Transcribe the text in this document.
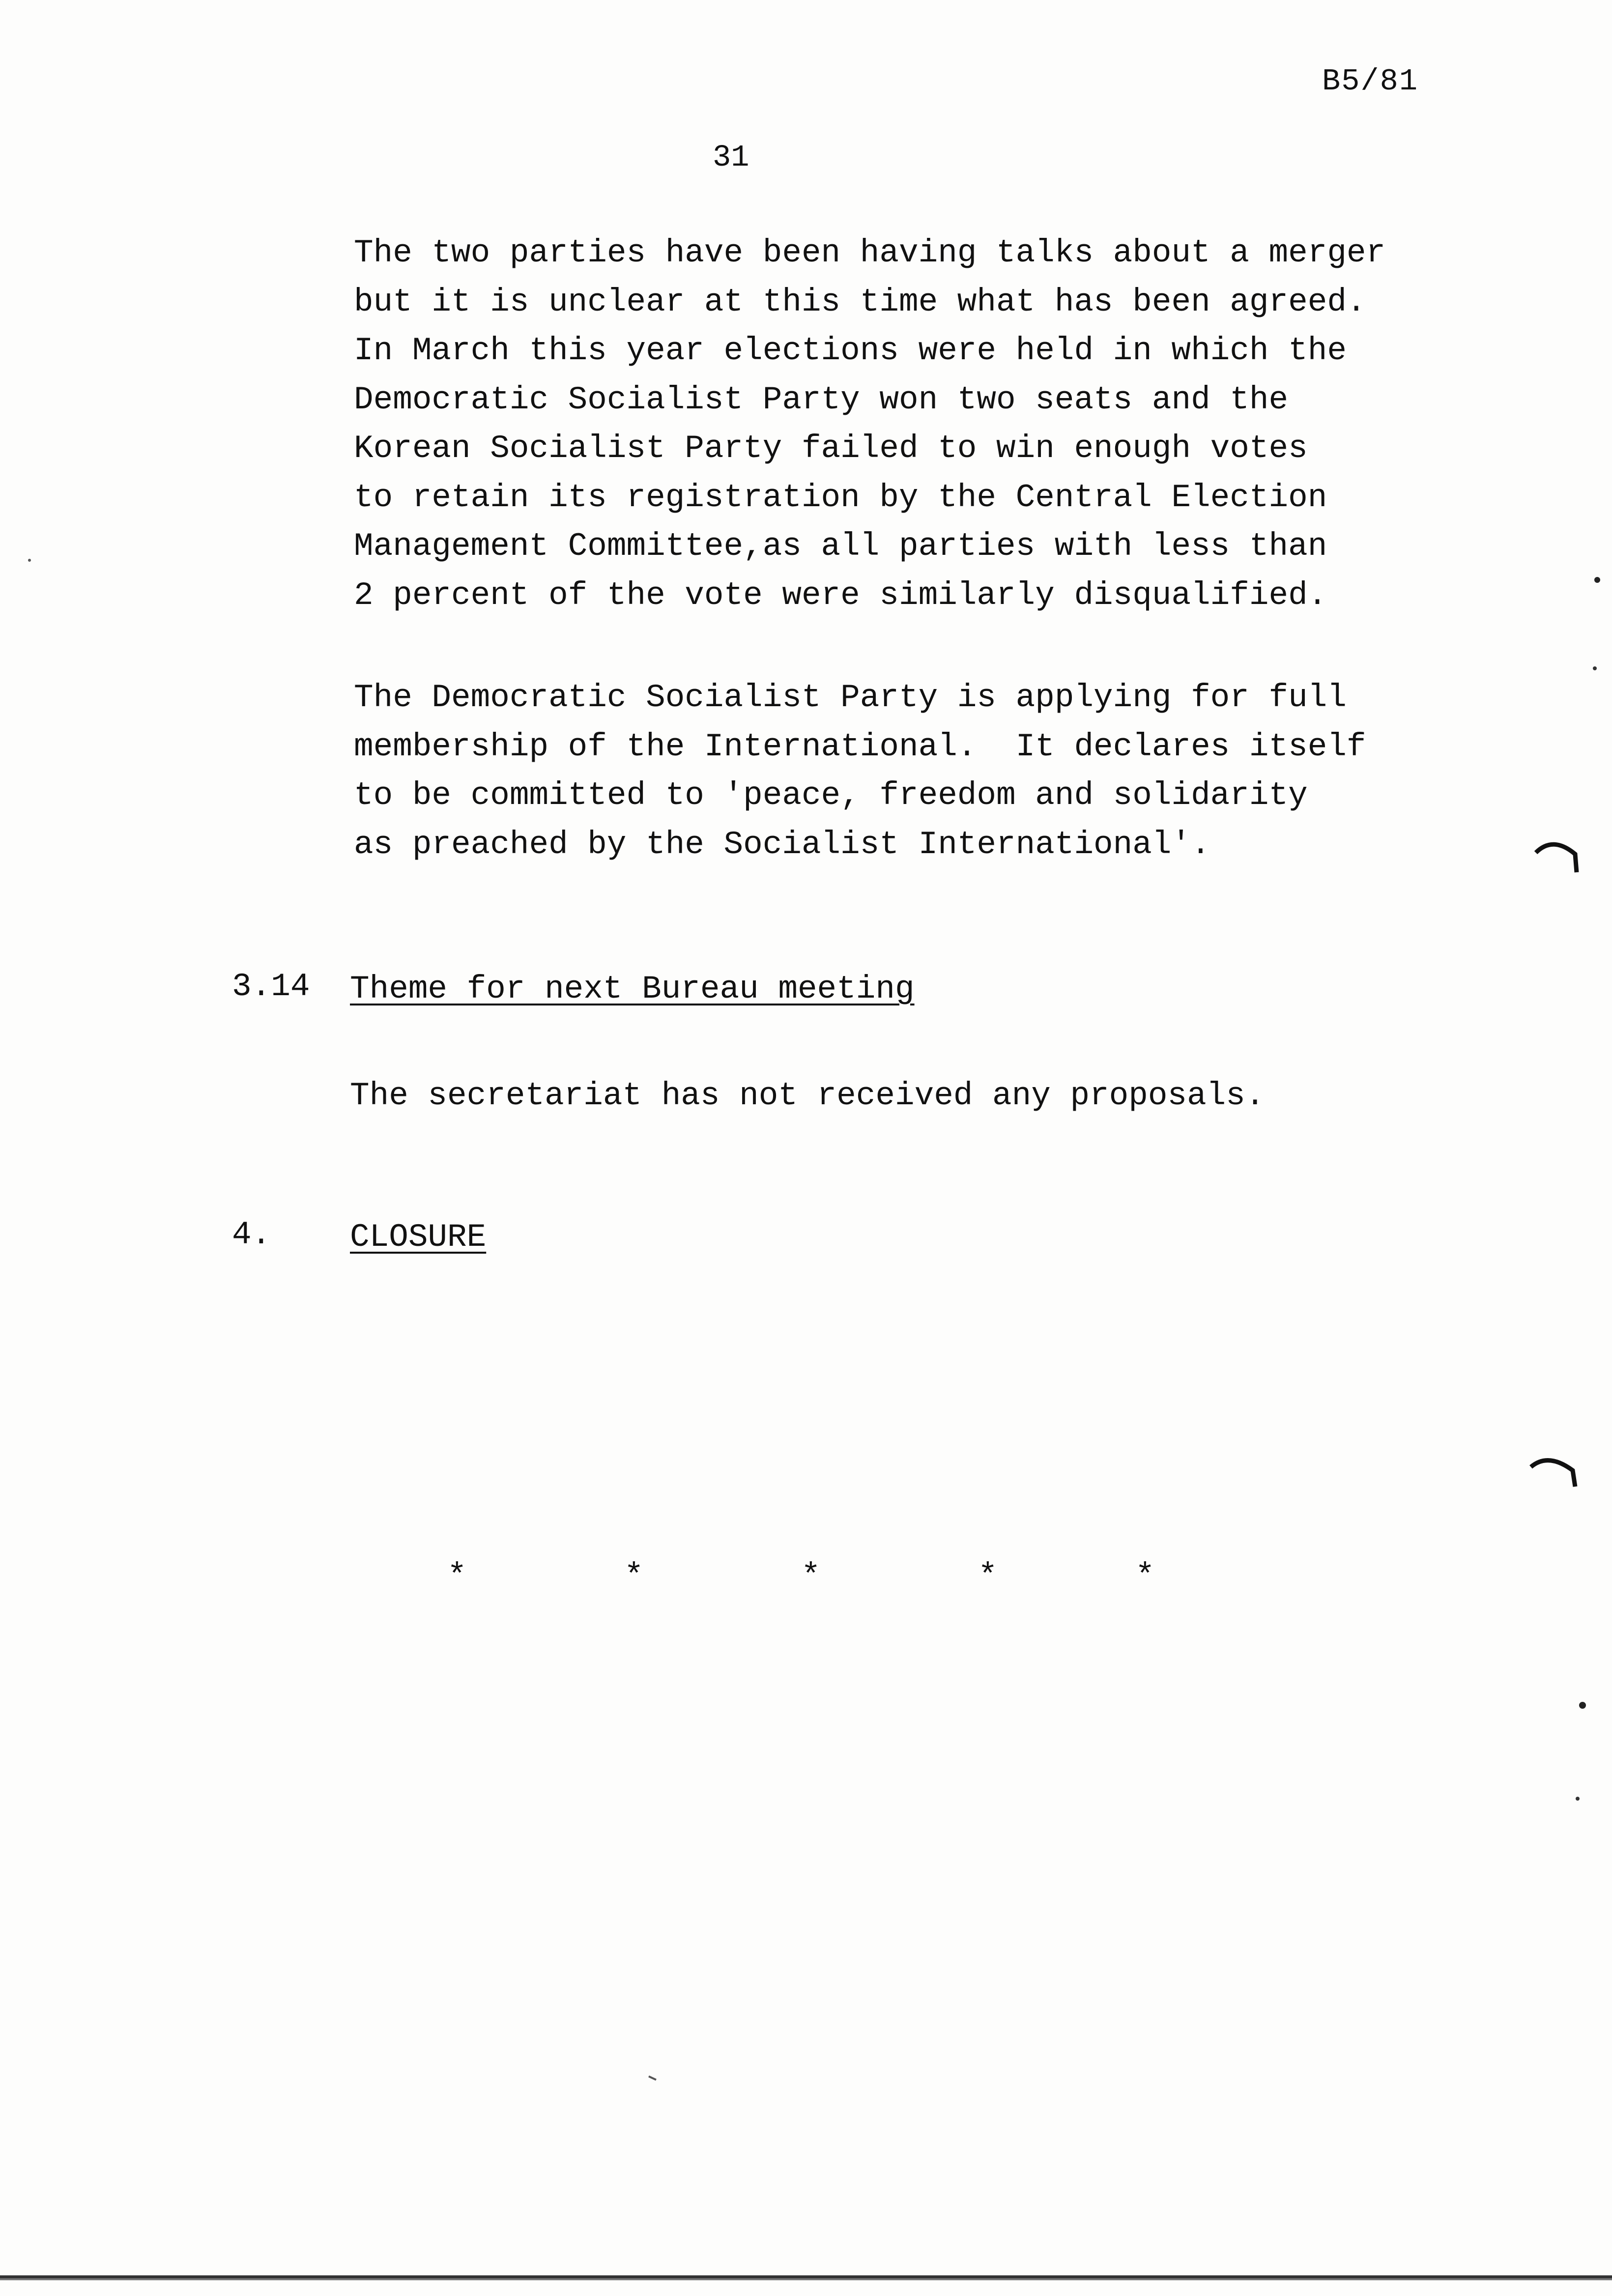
B5/81
31

The two parties have been having talks about a merger
but it is unclear at this time what has been agreed.
In March this year elections were held in which the
Democratic Socialist Party won two seats and the
Korean Socialist Party failed to win enough votes
to retain its registration by the Central Election
Management Committee,as all parties with less than
2 percent of the vote were similarly disqualified.

The Democratic Socialist Party is applying for full
membership of the International.  It declares itself
to be committed to 'peace, freedom and solidarity
as preached by the Socialist International'.

3.14 Theme for next Bureau meeting

The secretariat has not received any proposals.

4. CLOSURE
*	*	*	*	*
